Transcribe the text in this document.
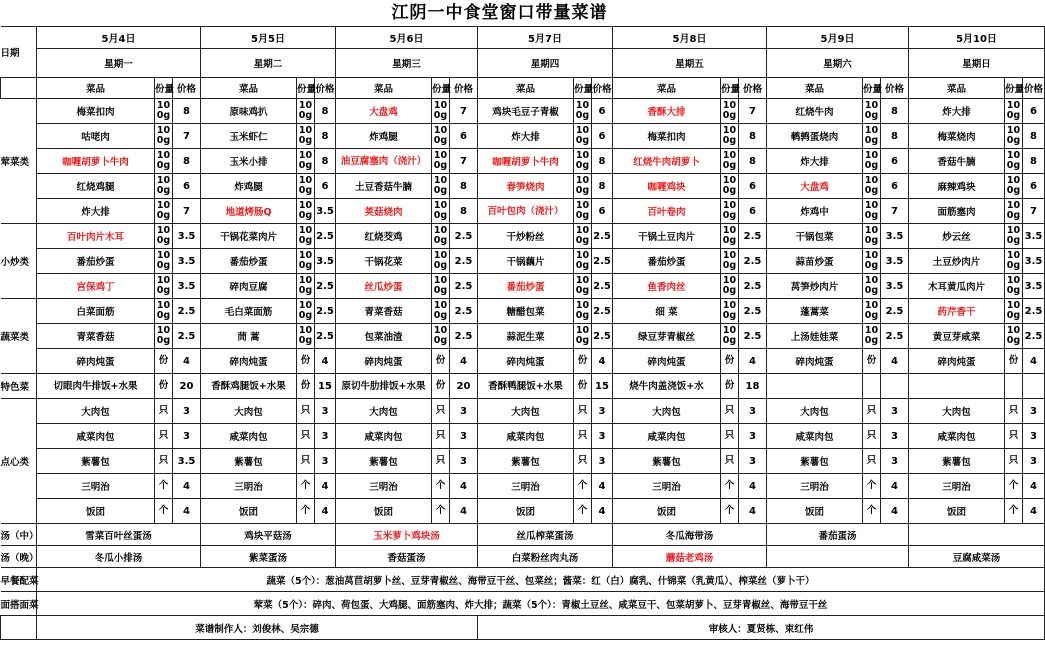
江阴一中食堂窗口带量菜谱
日期	5月4日			5月5日			5月6日			5月7日			5月8日			5月9日			5月10日		
	星期一			星期二			星期三			星期四			星期五			星期六			星期日		
	菜品	份量	价格	菜品	份量	价格	菜品	份量	价格	菜品	份量	价格	菜品	份量	价格	菜品	份量	价格	菜品	份量	价格
荤菜类	梅菜扣肉	100g	8	原味鸡扒	100g	8	大盘鸡	100g	7	鸡块毛豆子青椒	100g	6	香酥大排	100g	7	红烧牛肉	100g	8	炸大排	100g	6
	咕咾肉	100g	7	玉米虾仁	100g	8	炸鸡腿	100g	6	炸大排	100g	6	梅菜扣肉	100g	8	鹌鹑蛋烧肉	100g	8	梅菜烧肉	100g	8
	咖喱胡萝卜牛肉	100g	8	玉米小排	100g	8	油豆腐塞肉（浇汁）	100g	7	咖喱胡萝卜牛肉	100g	8	红烧牛肉胡萝卜	100g	8	炸大排	100g	6	香菇牛腩	100g	8
	红烧鸡腿	100g	6	炸鸡腿	100g	6	土豆香菇牛腩	100g	8	春笋烧肉	100g	8	咖喱鸡块	100g	6	大盘鸡	100g	6	麻辣鸡块	100g	6
	炸大排	100g	7	地道烤肠Q	100g	3.5	荚菇烧肉	100g	8	百叶包肉（浇汁）	100g	6	百叶卷肉	100g	6	炸鸡中	100g	7	面筋塞肉	100g	7
小炒类	百叶肉片木耳	100g	3.5	干锅花菜肉片	100g	2.5	红烧茭鸡	100g	2.5	干炒粉丝	100g	2.5	干锅土豆肉片	100g	2.5	干锅包菜	100g	3.5	炒云丝	100g	3.5
	番茄炒蛋	100g	3.5	番茄炒蛋	100g	3.5	干锅花菜	100g	2.5	干锅藕片	100g	2.5	番茄炒蛋	100g	2.5	蒜苗炒蛋	100g	3.5	土豆炒肉片	100g	3.5
	宫保鸡丁	100g	3.5	碎肉豆腐	100g	2.5	丝瓜炒蛋	100g	2.5	番茄炒蛋	100g	2.5	鱼香肉丝	100g	2.5	莴笋炒肉片	100g	3.5	木耳黄瓜肉片	100g	3.5
蔬菜类	白菜面筋	100g	2.5	毛白菜面筋	100g	2.5	青菜香菇	100g	2.5	糖醋包菜	100g	2.5	细 菜	100g	2.5	蓬蒿菜	100g	2.5	药芹香干	100g	2.5
	青菜香菇	100g	2.5	茼 蒿	100g	2.5	包菜油渣	100g	2.5	蒜泥生菜	100g	2.5	绿豆芽青椒丝	100g	2.5	上汤娃娃菜	100g	2.5	黄豆芽咸菜	100g	2.5
	碎肉炖蛋	份	4	碎肉炖蛋	份	4	碎肉炖蛋	份	4	碎肉炖蛋	份	4	碎肉炖蛋	份	4	碎肉炖蛋	份	4	碎肉炖蛋	份	4
特色菜	切眼肉牛排饭+水果	份	20	香酥鸡腿饭+水果	份	15	原切牛肋排饭+水果	份	20	香酥鸭腿饭+水果	份	15	烧牛肉盖浇饭+水	份	18						
点心类	大肉包	只	3	大肉包	只	3	大肉包	只	3	大肉包	只	3	大肉包	只	3	大肉包	只	3	大肉包	只	3
	咸菜肉包	只	3	咸菜肉包	只	3	咸菜肉包	只	3	咸菜肉包	只	3	咸菜肉包	只	3	咸菜肉包	只	3	咸菜肉包	只	3
	紫薯包	只	3.5	紫薯包	只	3	紫薯包	只	3	紫薯包	只	3	紫薯包	只	3	紫薯包	只	3	紫薯包	只	3
	三明治	个	4	三明治	个	4	三明治	个	4	三明治	个	4	三明治	个	4	三明治	个	4	三明治	个	4
	饭团	个	4	饭团	个	4	饭团	个	4	饭团	个	4	饭团	个	4	饭团	个	4	饭团	个	4
汤（中）	雪菜百叶丝蛋汤			鸡块平菇汤			玉米萝卜鸡块汤			丝瓜榨菜蛋汤			冬瓜海带汤			番茄蛋汤					
汤（晚）	冬瓜小排汤			紫菜蛋汤			香菇蛋汤			白菜粉丝肉丸汤			蘑菇老鸡汤						豆腐咸菜汤		
早餐配菜	蔬菜（5个）：葱油莴苣胡萝卜丝、豆芽青椒丝、海带豆干丝、包菜丝；酱菜：红（白）腐乳、什锦菜（乳黄瓜）、榨菜丝（萝卜干）																				
面搭面菜	荤菜（5个）：碎肉、荷包蛋、大鸡腿、面筋塞肉、炸大排；蔬菜（5个）：青椒土豆丝、咸菜豆干、包菜胡萝卜、豆芽青椒丝、海带豆干丝																				
	菜谱制作人：刘俊林、吴宗德									审核人：夏贤栋、束红伟											
